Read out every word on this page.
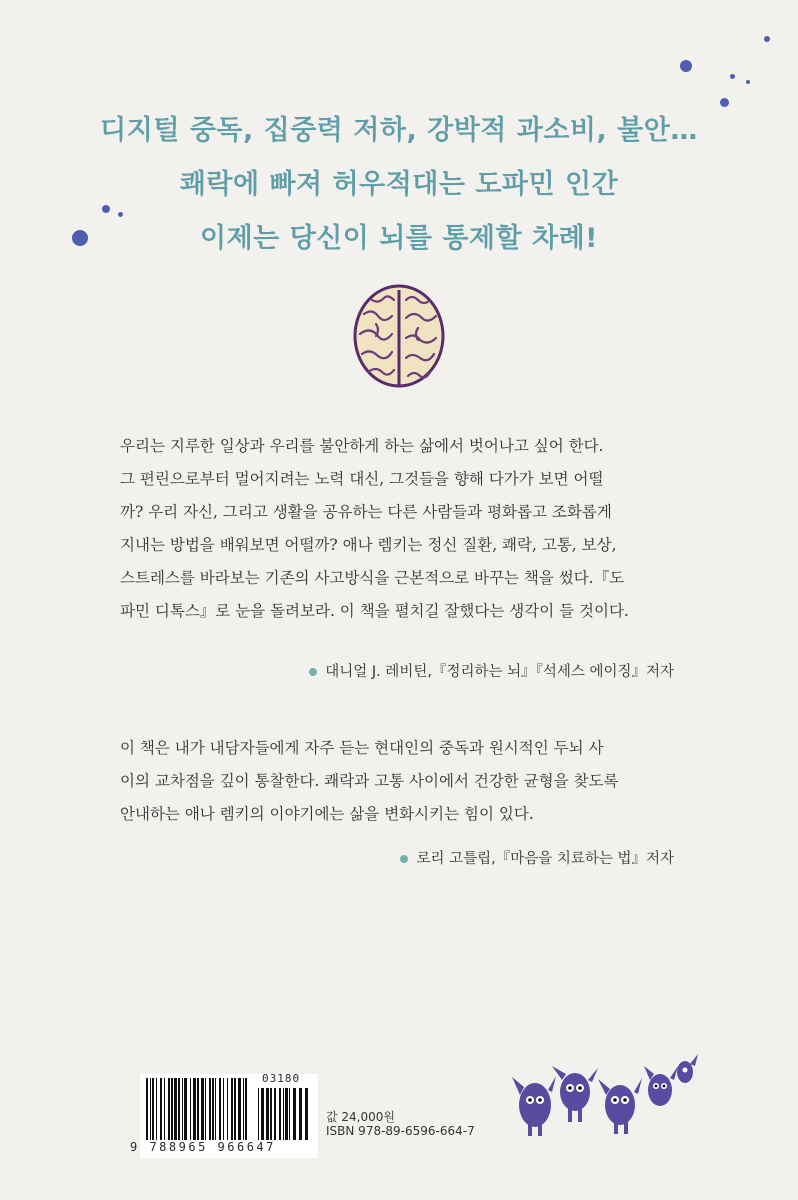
디지털 중독, 집중력 저하, 강박적 과소비, 불안…
쾌락에 빠져 허우적대는 도파민 인간
이제는 당신이 뇌를 통제할 차례!
우리는 지루한 일상과 우리를 불안하게 하는 삶에서 벗어나고 싶어 한다.
그 편린으로부터 멀어지려는 노력 대신, 그것들을 향해 다가가 보면 어떨
까? 우리 자신, 그리고 생활을 공유하는 다른 사람들과 평화롭고 조화롭게
지내는 방법을 배워보면 어떨까? 애나 렘키는 정신 질환, 쾌락, 고통, 보상,
스트레스를 바라보는 기존의 사고방식을 근본적으로 바꾸는 책을 썼다.『도
파민 디톡스』로 눈을 돌려보라. 이 책을 펼치길 잘했다는 생각이 들 것이다.
대니얼 J. 레비틴,『정리하는 뇌』『석세스 에이징』저자
이 책은 내가 내담자들에게 자주 듣는 현대인의 중독과 원시적인 두뇌 사
이의 교차점을 깊이 통찰한다. 쾌락과 고통 사이에서 건강한 균형을 찾도록
안내하는 애나 렘키의 이야기에는 삶을 변화시키는 힘이 있다.
로리 고틀립,『마음을 치료하는 법』저자
03180
9 788965 966647
값 24,000원
ISBN 978-89-6596-664-7
